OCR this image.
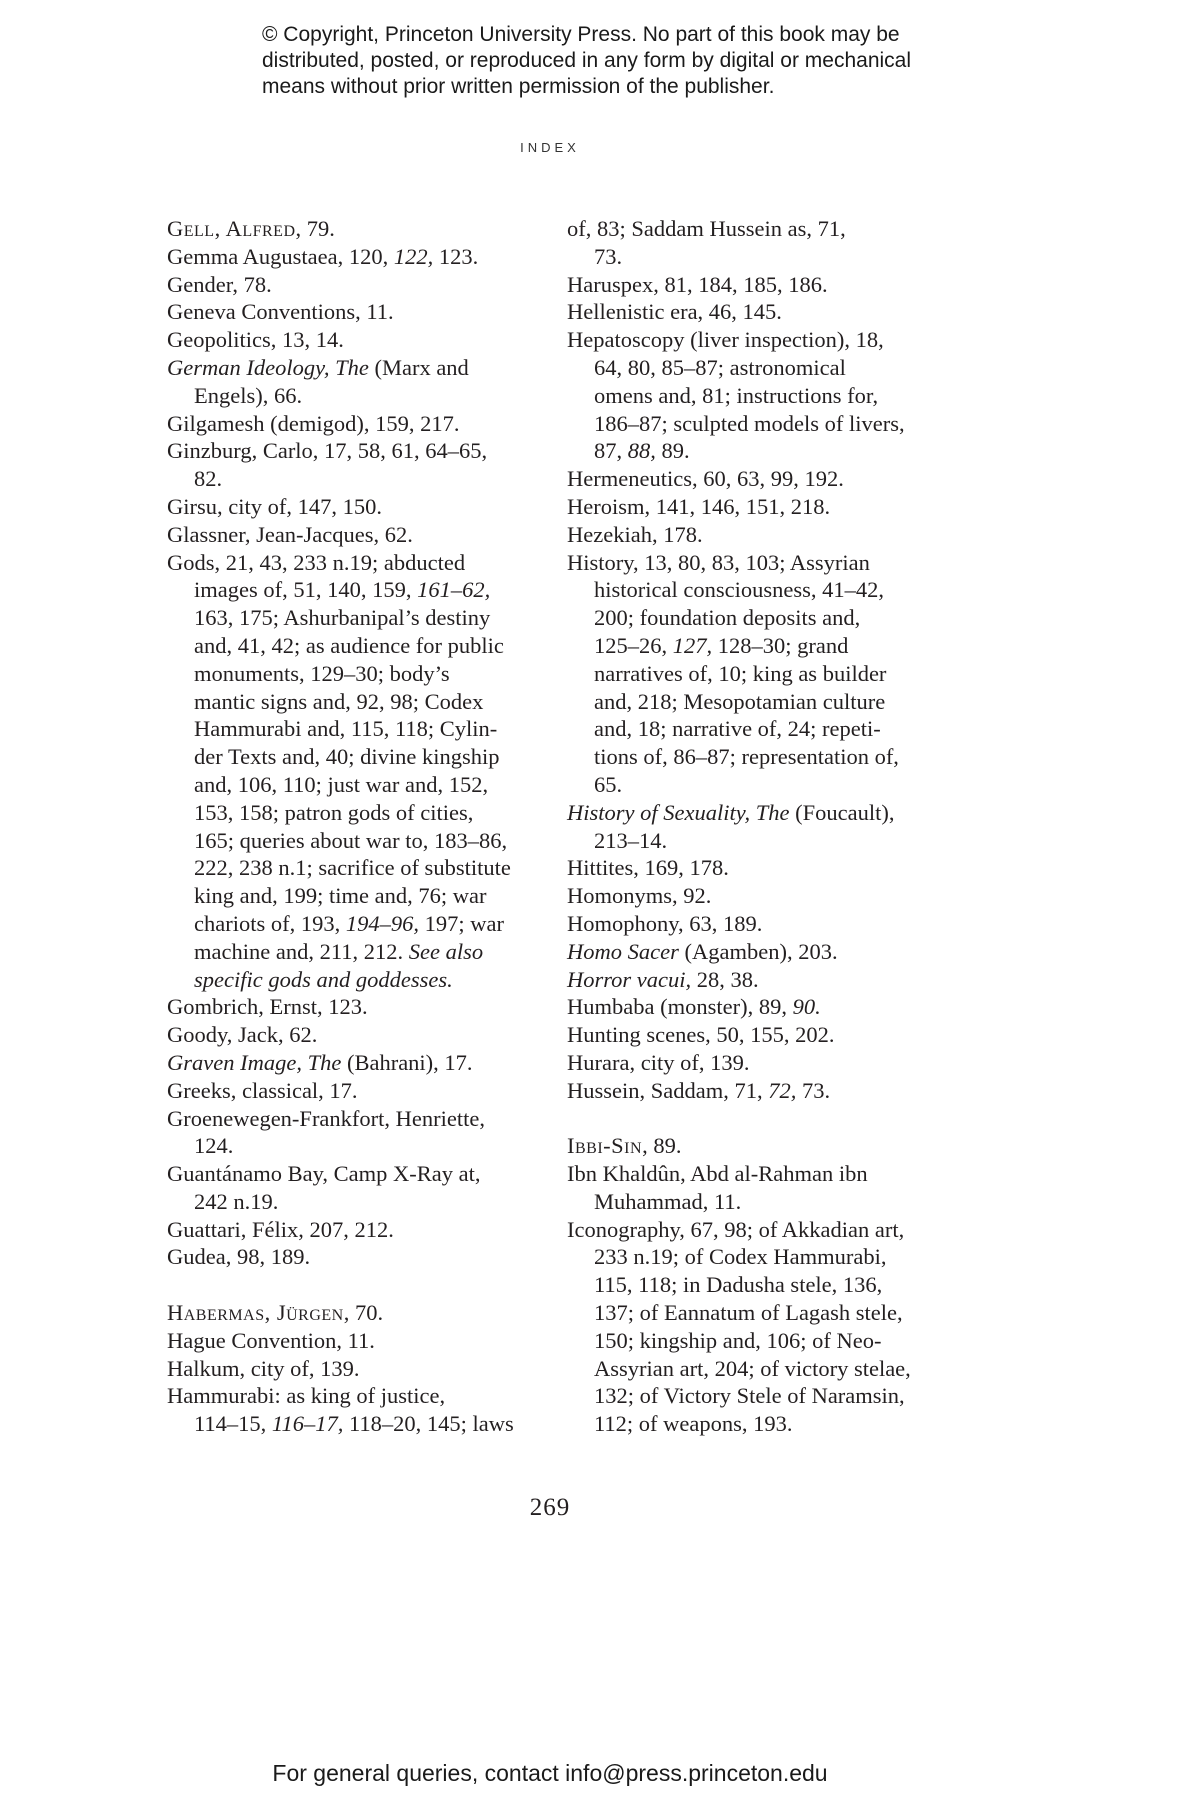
© Copyright, Princeton University Press. No part of this book may be
distributed, posted, or reproduced in any form by digital or mechanical
means without prior written permission of the publisher.
INDEX
Gell, Alfred, 79.
Gemma Augustaea, 120, 122, 123.
Gender, 78.
Geneva Conventions, 11.
Geopolitics, 13, 14.
German Ideology, The (Marx and
Engels), 66.
Gilgamesh (demigod), 159, 217.
Ginzburg, Carlo, 17, 58, 61, 64–65,
82.
Girsu, city of, 147, 150.
Glassner, Jean-Jacques, 62.
Gods, 21, 43, 233 n.19; abducted
images of, 51, 140, 159, 161–62,
163, 175; Ashurbanipal’s destiny
and, 41, 42; as audience for public
monuments, 129–30; body’s
mantic signs and, 92, 98; Codex
Hammurabi and, 115, 118; Cylin-
der Texts and, 40; divine kingship
and, 106, 110; just war and, 152,
153, 158; patron gods of cities,
165; queries about war to, 183–86,
222, 238 n.1; sacrifice of substitute
king and, 199; time and, 76; war
chariots of, 193, 194–96, 197; war
machine and, 211, 212. See also
specific gods and goddesses.
Gombrich, Ernst, 123.
Goody, Jack, 62.
Graven Image, The (Bahrani), 17.
Greeks, classical, 17.
Groenewegen-Frankfort, Henriette,
124.
Guantánamo Bay, Camp X-Ray at,
242 n.19.
Guattari, Félix, 207, 212.
Gudea, 98, 189.
Habermas, Jürgen, 70.
Hague Convention, 11.
Halkum, city of, 139.
Hammurabi: as king of justice,
114–15, 116–17, 118–20, 145; laws
of, 83; Saddam Hussein as, 71,
73.
Haruspex, 81, 184, 185, 186.
Hellenistic era, 46, 145.
Hepatoscopy (liver inspection), 18,
64, 80, 85–87; astronomical
omens and, 81; instructions for,
186–87; sculpted models of livers,
87, 88, 89.
Hermeneutics, 60, 63, 99, 192.
Heroism, 141, 146, 151, 218.
Hezekiah, 178.
History, 13, 80, 83, 103; Assyrian
historical consciousness, 41–42,
200; foundation deposits and,
125–26, 127, 128–30; grand
narratives of, 10; king as builder
and, 218; Mesopotamian culture
and, 18; narrative of, 24; repeti-
tions of, 86–87; representation of,
65.
History of Sexuality, The (Foucault),
213–14.
Hittites, 169, 178.
Homonyms, 92.
Homophony, 63, 189.
Homo Sacer (Agamben), 203.
Horror vacui, 28, 38.
Humbaba (monster), 89, 90.
Hunting scenes, 50, 155, 202.
Hurara, city of, 139.
Hussein, Saddam, 71, 72, 73.
Ibbi-Sin, 89.
Ibn Khaldûn, Abd al-Rahman ibn
Muhammad, 11.
Iconography, 67, 98; of Akkadian art,
233 n.19; of Codex Hammurabi,
115, 118; in Dadusha stele, 136,
137; of Eannatum of Lagash stele,
150; kingship and, 106; of Neo-
Assyrian art, 204; of victory stelae,
132; of Victory Stele of Naramsin,
112; of weapons, 193.
269
For general queries, contact info@press.princeton.edu
